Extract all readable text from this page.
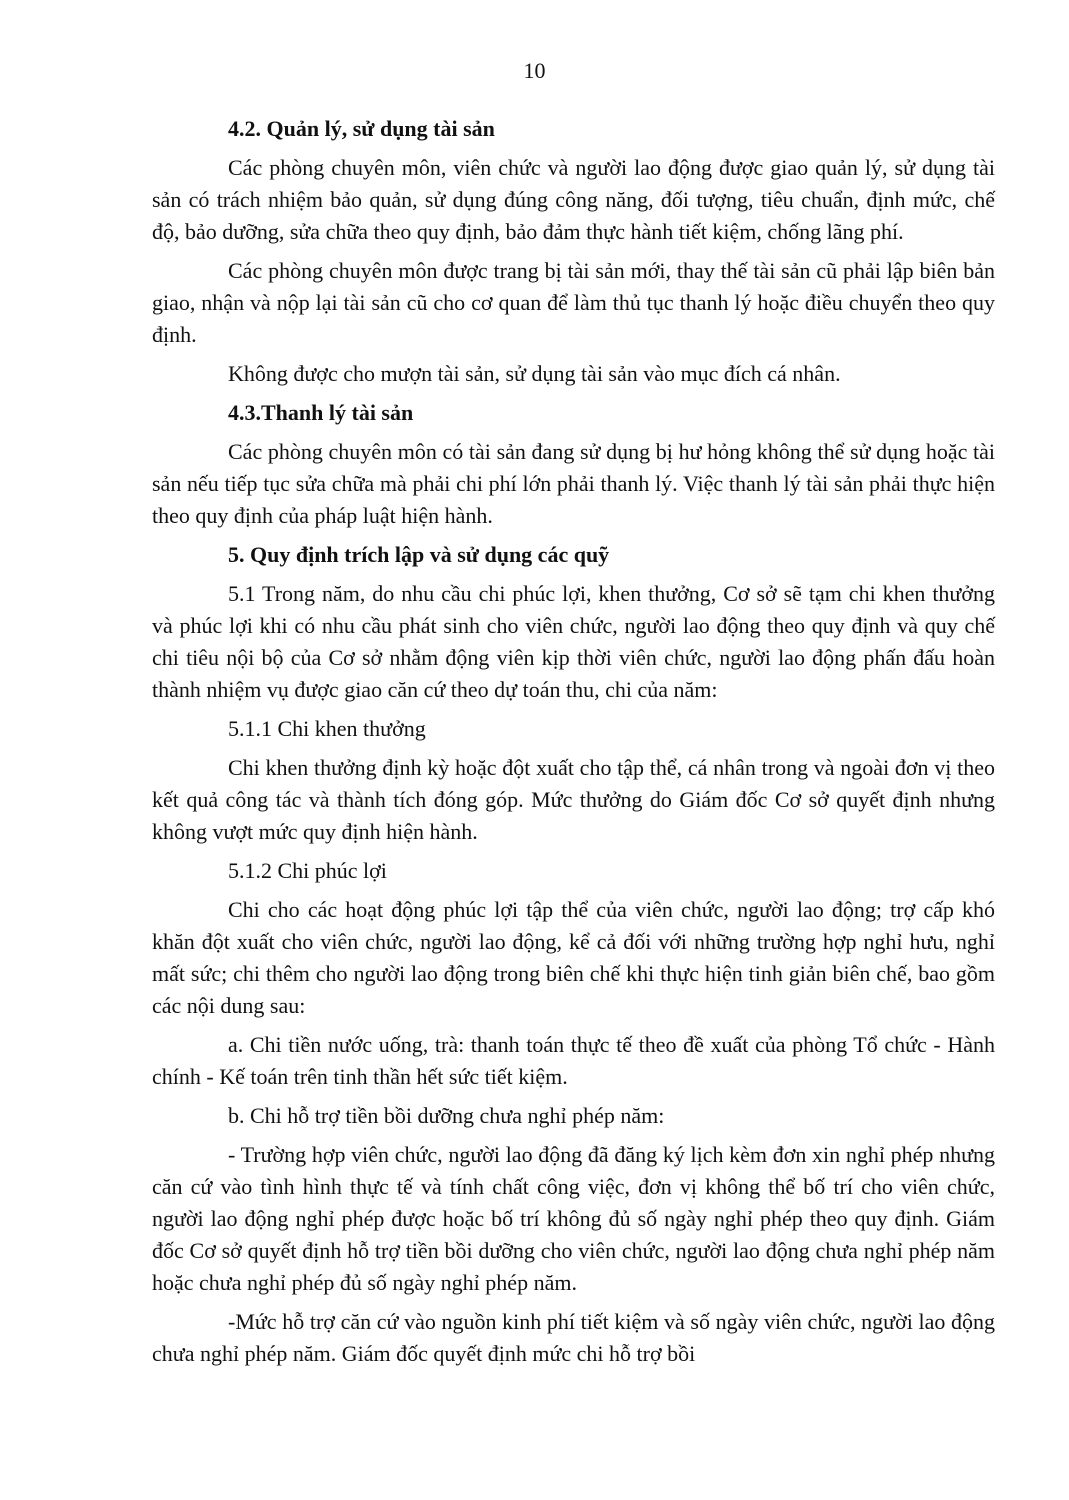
10

4.2. Quản lý, sử dụng tài sản

Các phòng chuyên môn, viên chức và người lao động được giao quản lý, sử dụng tài sản có trách nhiệm bảo quản, sử dụng đúng công năng, đối tượng, tiêu chuẩn, định mức, chế độ, bảo dưỡng, sửa chữa theo quy định, bảo đảm thực hành tiết kiệm, chống lãng phí.

Các phòng chuyên môn được trang bị tài sản mới, thay thế tài sản cũ phải lập biên bản giao, nhận và nộp lại tài sản cũ cho cơ quan để làm thủ tục thanh lý hoặc điều chuyển theo quy định.

Không được cho mượn tài sản, sử dụng tài sản vào mục đích cá nhân.

4.3.Thanh lý tài sản

Các phòng chuyên môn có tài sản đang sử dụng bị hư hỏng không thể sử dụng hoặc tài sản nếu tiếp tục sửa chữa mà phải chi phí lớn phải thanh lý. Việc thanh lý tài sản phải thực hiện theo quy định của pháp luật hiện hành.

5. Quy định trích lập và sử dụng các quỹ

5.1 Trong năm, do nhu cầu chi phúc lợi, khen thưởng, Cơ sở sẽ tạm chi khen thưởng và phúc lợi khi có nhu cầu phát sinh cho viên chức, người lao động theo quy định và quy chế chi tiêu nội bộ của Cơ sở nhằm động viên kịp thời viên chức, người lao động phấn đấu hoàn thành nhiệm vụ được giao căn cứ theo dự toán thu, chi của năm:

5.1.1 Chi khen thưởng

Chi khen thưởng định kỳ hoặc đột xuất cho tập thể, cá nhân trong và ngoài đơn vị theo kết quả công tác và thành tích đóng góp. Mức thưởng do Giám đốc Cơ sở quyết định nhưng không vượt mức quy định hiện hành.

5.1.2 Chi phúc lợi

Chi cho các hoạt động phúc lợi tập thể của viên chức, người lao động; trợ cấp khó khăn đột xuất cho viên chức, người lao động, kể cả đối với những trường hợp nghỉ hưu, nghỉ mất sức; chi thêm cho người lao động trong biên chế khi thực hiện tinh giản biên chế, bao gồm các nội dung sau:

a. Chi tiền nước uống, trà: thanh toán thực tế theo đề xuất của phòng Tổ chức - Hành chính - Kế toán trên tinh thần hết sức tiết kiệm.

b. Chi hỗ trợ tiền bồi dưỡng chưa nghỉ phép năm:

- Trường hợp viên chức, người lao động đã đăng ký lịch kèm đơn xin nghỉ phép nhưng căn cứ vào tình hình thực tế và tính chất công việc, đơn vị không thể bố trí cho viên chức, người lao động nghỉ phép được hoặc bố trí không đủ số ngày nghỉ phép theo quy định. Giám đốc Cơ sở quyết định hỗ trợ tiền bồi dưỡng cho viên chức, người lao động chưa nghỉ phép năm hoặc chưa nghỉ phép đủ số ngày nghỉ phép năm.

-Mức hỗ trợ căn cứ vào nguồn kinh phí tiết kiệm và số ngày viên chức, người lao động chưa nghỉ phép năm. Giám đốc quyết định mức chi hỗ trợ bồi
